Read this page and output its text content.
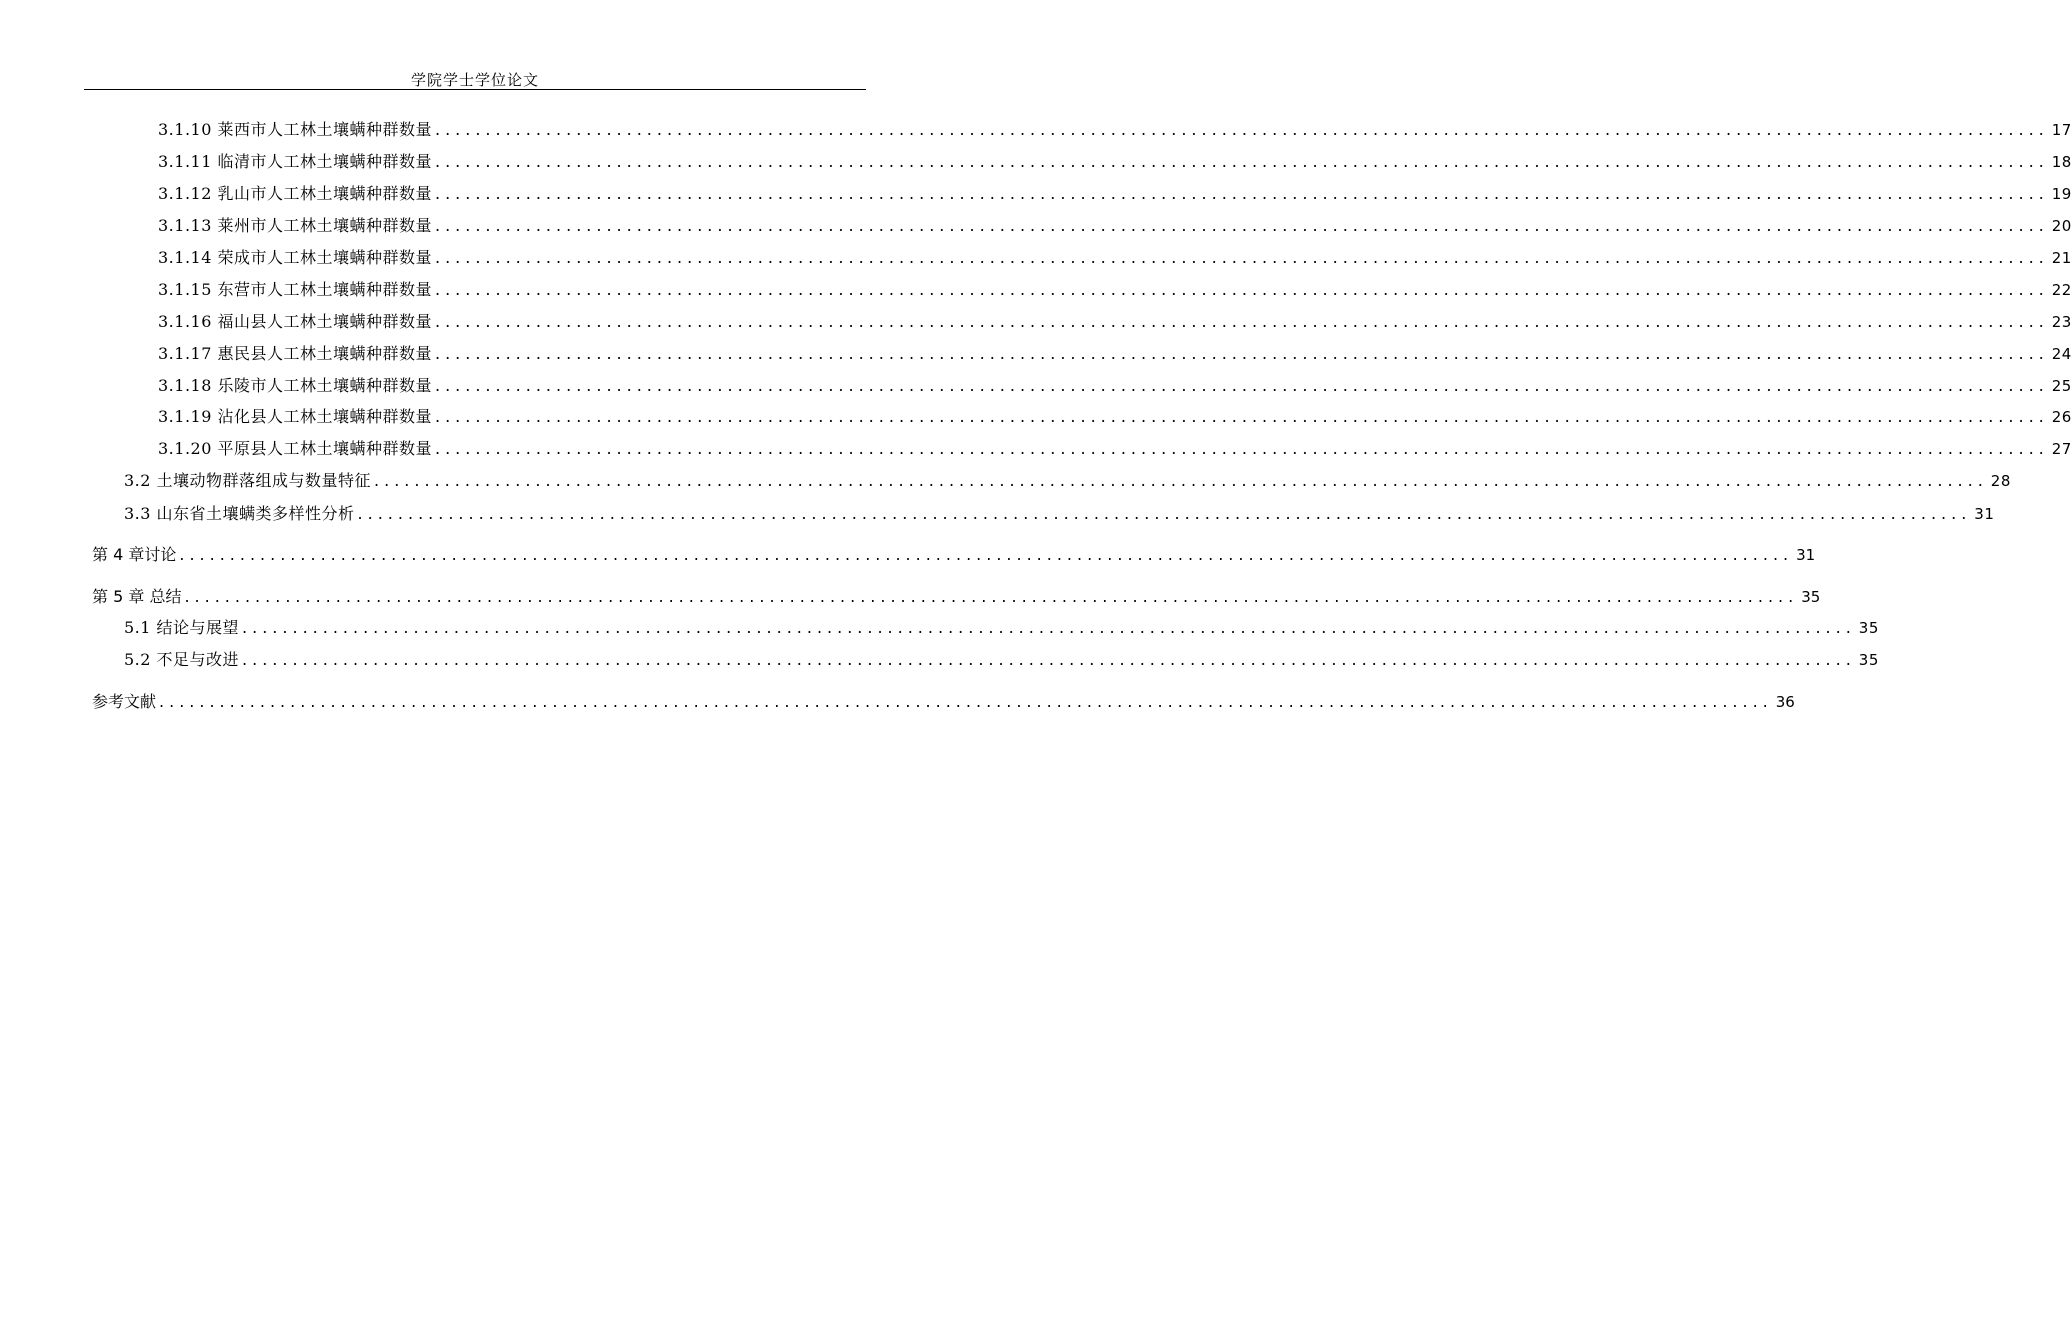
学院学士学位论文
3.1.10 莱西市人工林土壤螨种群数量 ................................................................................................................................................................ 17
3.1.11 临清市人工林土壤螨种群数量 ................................................................................................................................................................ 18
3.1.12 乳山市人工林土壤螨种群数量 ................................................................................................................................................................ 19
3.1.13 莱州市人工林土壤螨种群数量 ................................................................................................................................................................ 20
3.1.14 荣成市人工林土壤螨种群数量 ................................................................................................................................................................ 21
3.1.15 东营市人工林土壤螨种群数量 ................................................................................................................................................................ 22
3.1.16 福山县人工林土壤螨种群数量 ................................................................................................................................................................ 23
3.1.17 惠民县人工林土壤螨种群数量 ................................................................................................................................................................ 24
3.1.18 乐陵市人工林土壤螨种群数量 ................................................................................................................................................................ 25
3.1.19 沾化县人工林土壤螨种群数量 ................................................................................................................................................................ 26
3.1.20 平原县人工林土壤螨种群数量 ................................................................................................................................................................ 27
3.2 土壤动物群落组成与数量特征 ................................................................................................................................................................ 28
3.3 山东省土壤螨类多样性分析 ................................................................................................................................................................ 31
第 4 章讨论 ................................................................................................................................................................ 31
第 5 章 总结 ................................................................................................................................................................ 35
5.1 结论与展望 ................................................................................................................................................................ 35
5.2 不足与改进 ................................................................................................................................................................ 35
参考文献 ................................................................................................................................................................ 36
